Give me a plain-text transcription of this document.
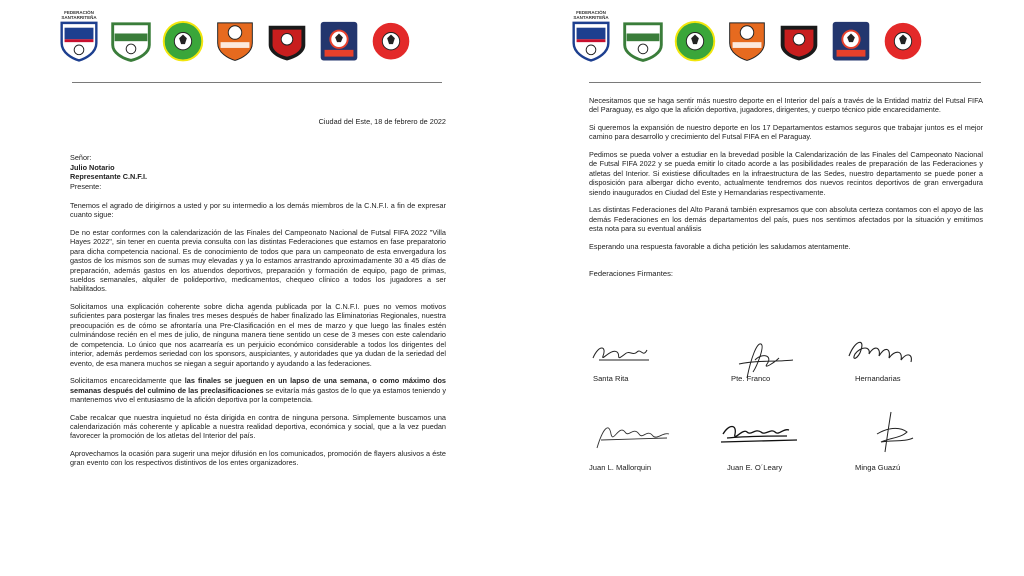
FEDERACIÓN SANTARRITEÑA

Ciudad del Este, 18 de febrero de 2022

Señor:

Julio Notario

Representante C.N.F.I.

Presente:

Tenemos el agrado de dirigirnos a usted y por su intermedio a los demás miembros de la C.N.F.I. a fin de expresar cuanto sigue:

De no estar conformes con la calendarización de las Finales del Campeonato Nacional de Futsal FIFA 2022 "Villa Hayes 2022", sin tener en cuenta previa consulta con las distintas Federaciones que estamos en fase preparatorio para dicha competencia nacional. Es de conocimiento de todos que para un campeonato de esta envergadura los gastos de los mismos son de sumas muy elevadas y ya lo estamos arrastrando aproximadamente 30 a 45 días de preparación, además gastos en los atuendos deportivos, preparación y formación de equipo, pago de primas, sueldos semanales, alquiler de polideportivo, medicamentos, chequeo clínico a todos los jugadores a ser habilitados.

Solicitamos una explicación coherente sobre dicha agenda publicada por la C.N.F.I. pues no vemos motivos suficientes para postergar las finales tres meses después de haber finalizado las Eliminatorias Regionales, nuestra preocupación es de cómo se afrontaría una Pre-Clasificación en el mes de marzo y que luego las finales estén culminándose recién en el mes de julio, de ninguna manera tiene sentido un cese de 3 meses con este calendario de competencia. Lo único que nos acarrearía es un perjuicio económico considerable a todos los dirigentes del interior, además perdemos seriedad con los sponsors, auspiciantes, y autoridades que ya dudan de la seriedad del evento, de esa manera muchos se niegan a seguir aportando y ayudando a las federaciones.

Solicitamos encarecidamente que las finales se jueguen en un lapso de una semana, o como máximo dos semanas después del culmino de las preclasificaciones se evitaría más gastos de lo que ya estamos teniendo y mantenemos vivo el entusiasmo de la afición deportiva por la competencia.

Cabe recalcar que nuestra inquietud no ésta dirigida en contra de ninguna persona. Simplemente buscamos una calendarización más coherente y aplicable a nuestra realidad deportiva, económica y social, que a la vez puedan favorecer la promoción de los atletas del Interior del país.

Aprovechamos la ocasión para sugerir una mejor difusión en los comunicados, promoción de flayers alusivos a éste gran evento con los respectivos distintivos de los entes organizadores.

FEDERACIÓN SANTARRITEÑA

Necesitamos que se haga sentir más nuestro deporte en el Interior del país a través de la Entidad matriz del Futsal FIFA del Paraguay, es algo que la afición deportiva, jugadores, dirigentes, y cuerpo técnico pide encarecidamente.

Si queremos la expansión de nuestro deporte en los 17 Departamentos estamos seguros que trabajar juntos es el mejor camino para desarrollo y crecimiento del Futsal FIFA en el Paraguay.

Pedimos se pueda volver a estudiar en la brevedad posible la Calendarización de las Finales del Campeonato Nacional de Futsal FIFA 2022 y se pueda emitir lo citado acorde a las posibilidades reales de preparación de las Federaciones y atletas del Interior. Si existiese dificultades en la infraestructura de las Sedes, nuestro departamento se puede poner a disposición para albergar dicho evento, actualmente tendremos dos nuevos recintos deportivos de gran envergadura siendo inaugurados en Ciudad del Este y Hernandarias respectivamente.

Las distintas Federaciones del Alto Paraná también expresamos que con absoluta certeza contamos con el apoyo de las demás Federaciones en los demás departamentos del país, pues nos sentimos afectados por la situación y emitimos esta nota para su eventual análisis

Esperando una respuesta favorable a dicha petición les saludamos atentamente.

Federaciones Firmantes:

Santa Rita	Pte. Franco	Hernandarias
Juan L. Mallorquin	Juan E. O´Leary	Minga Guazú
